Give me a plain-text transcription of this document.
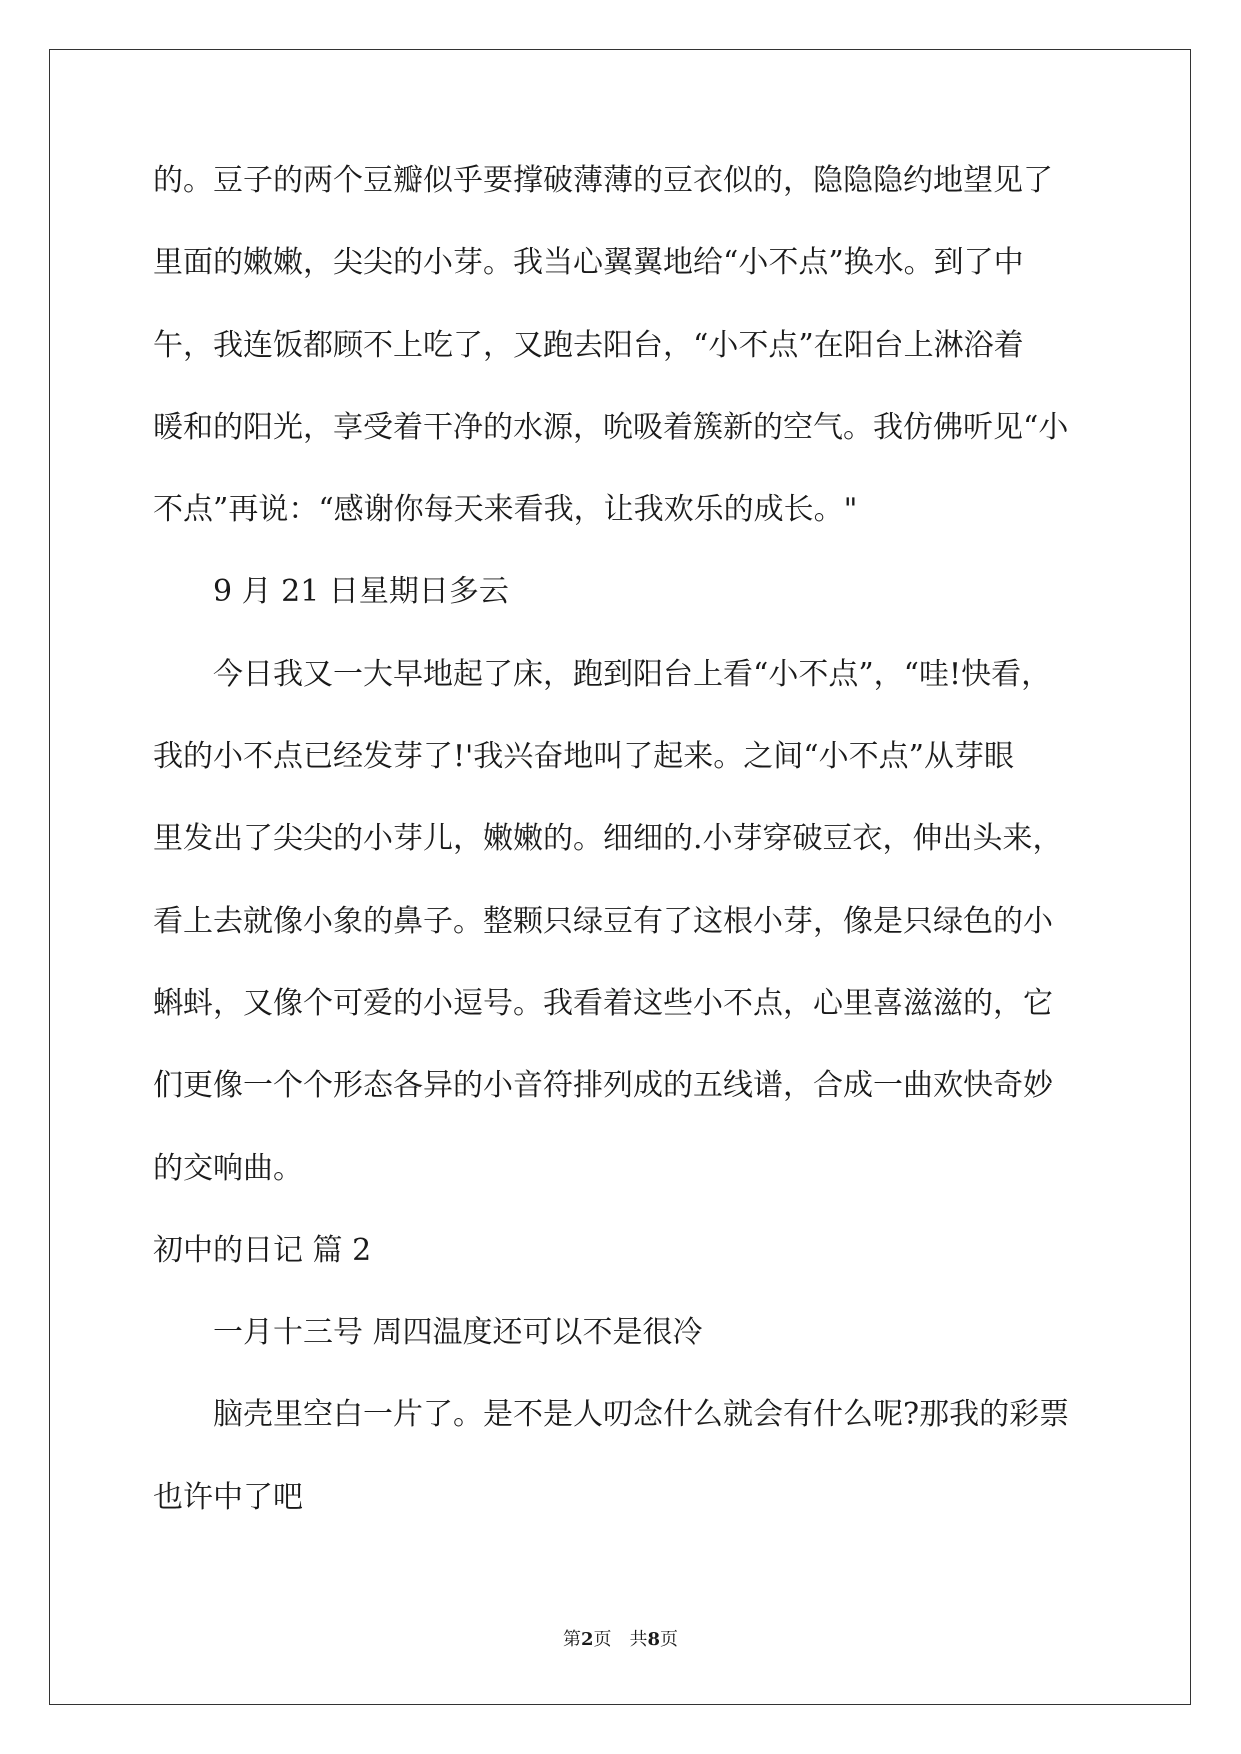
的。豆子的两个豆瓣似乎要撑破薄薄的豆衣似的，隐隐隐约地望见了
里面的嫩嫩，尖尖的小芽。我当心翼翼地给“小不点”换水。到了中
午，我连饭都顾不上吃了，又跑去阳台，“小不点”在阳台上淋浴着
暖和的阳光，享受着干净的水源，吮吸着簇新的空气。我仿佛听见“小
不点”再说：“感谢你每天来看我，让我欢乐的成长。"
9 月 21 日星期日多云
今日我又一大早地起了床，跑到阳台上看“小不点”，“哇!快看，
我的小不点已经发芽了!'我兴奋地叫了起来。之间“小不点”从芽眼
里发出了尖尖的小芽儿，嫩嫩的。细细的.小芽穿破豆衣，伸出头来，
看上去就像小象的鼻子。整颗只绿豆有了这根小芽，像是只绿色的小
蝌蚪，又像个可爱的小逗号。我看着这些小不点，心里喜滋滋的，它
们更像一个个形态各异的小音符排列成的五线谱，合成一曲欢快奇妙
的交响曲。
初中的日记 篇 2
一月十三号 周四温度还可以不是很冷
脑壳里空白一片了。是不是人叨念什么就会有什么呢?那我的彩票
也许中了吧
第2页　共8页
